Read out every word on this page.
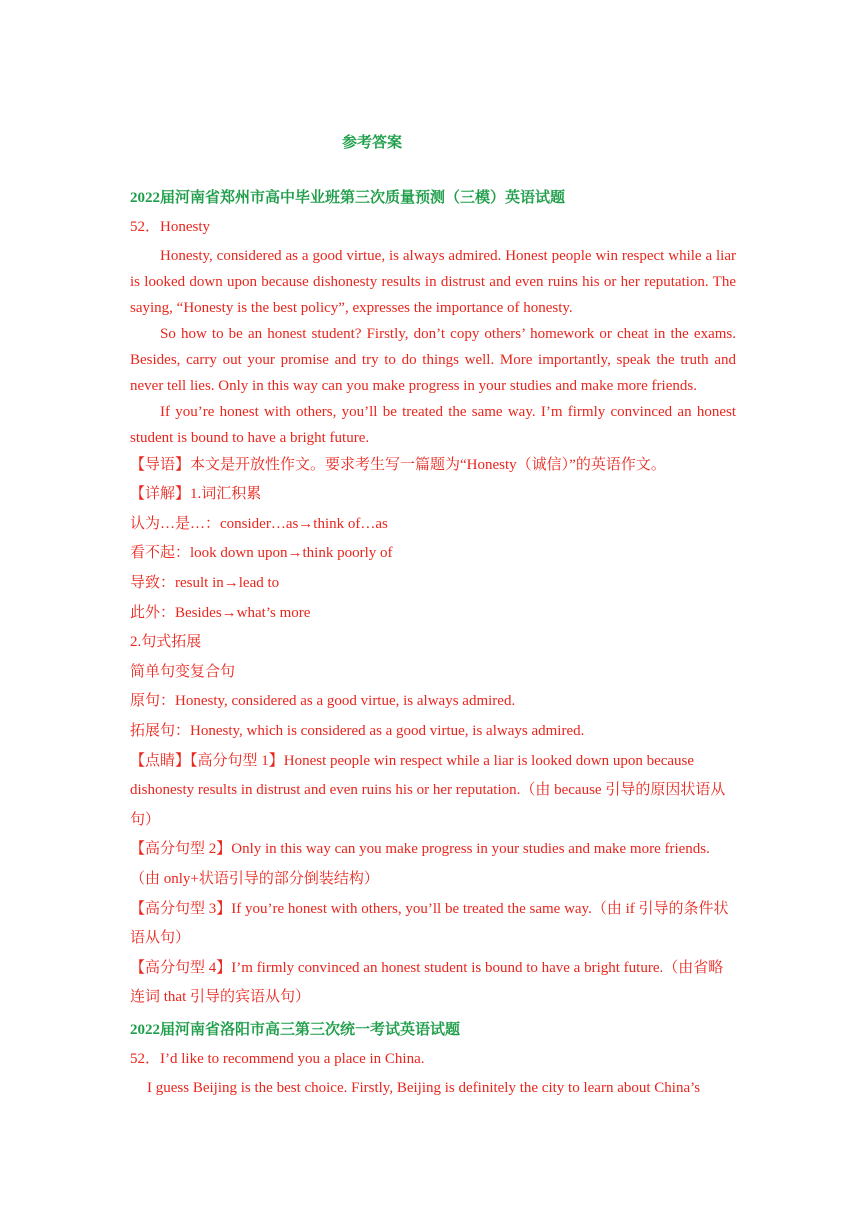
参考答案
2022届河南省郑州市高中毕业班第三次质量预测（三模）英语试题
52．Honesty

Honesty, considered as a good virtue, is always admired. Honest people win respect while a liar is looked down upon because dishonesty results in distrust and even ruins his or her reputation. The saying, “Honesty is the best policy”, expresses the importance of honesty.

So how to be an honest student? Firstly, don’t copy others’ homework or cheat in the exams. Besides, carry out your promise and try to do things well. More importantly, speak the truth and never tell lies. Only in this way can you make progress in your studies and make more friends.

If you’re honest with others, you’ll be treated the same way. I’m firmly convinced an honest student is bound to have a bright future.

【导语】本文是开放性作文。要求考生写一篇题为“Honesty（诚信）”的英语作文。
【详解】1.词汇积累
认为…是…：consider…as→think of…as
看不起：look down upon→think poorly of
导致：result in→lead to
此外：Besides→what’s more
2.句式拓展
简单句变复合句
原句：Honesty, considered as a good virtue, is always admired.
拓展句：Honesty, which is considered as a good virtue, is always admired.
【点睛】【高分句型 1】Honest people win respect while a liar is looked down upon because dishonesty results in distrust and even ruins his or her reputation.（由 because 引导的原因状语从句）
【高分句型 2】Only in this way can you make progress in your studies and make more friends.（由 only+状语引导的部分倒装结构）
【高分句型 3】If you’re honest with others, you’ll be treated the same way.（由 if 引导的条件状语从句）
【高分句型 4】I’m firmly convinced an honest student is bound to have a bright future.（由省略连词 that 引导的宾语从句）
2022届河南省洛阳市高三第三次统一考试英语试题
52．I’d like to recommend you a place in China.

I guess Beijing is the best choice. Firstly, Beijing is definitely the city to learn about China’s
